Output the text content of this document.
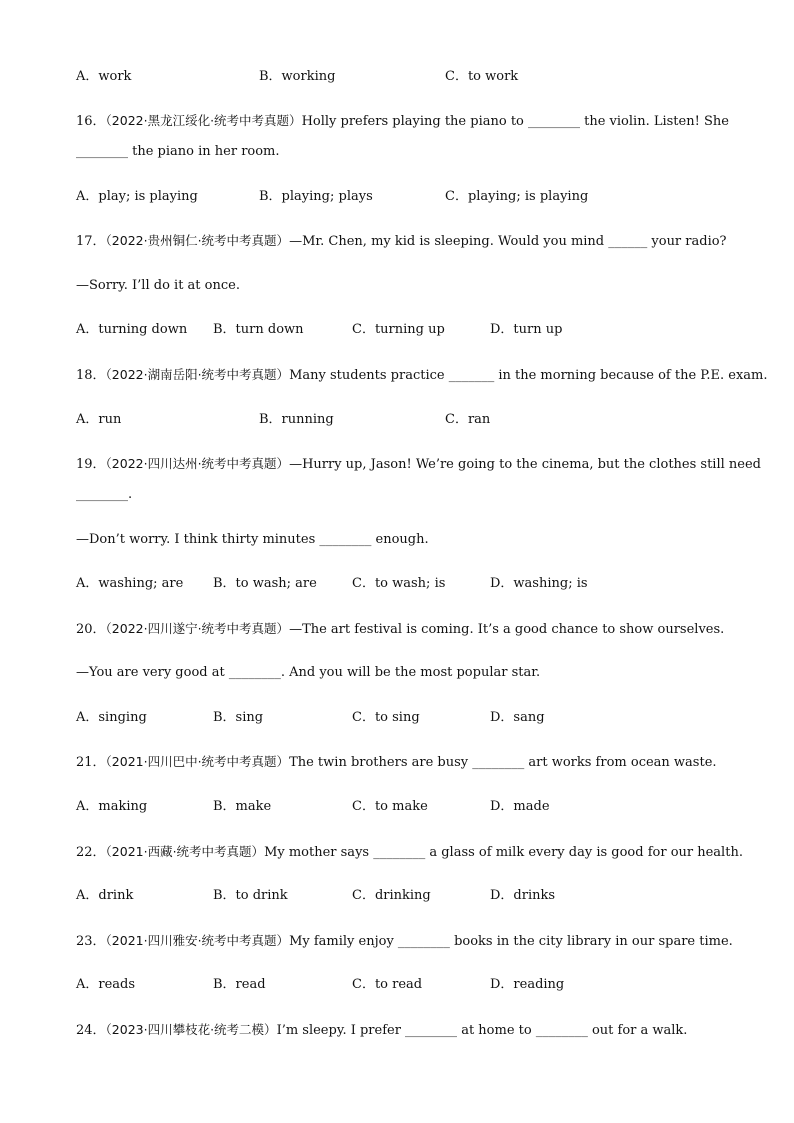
A．work	B．working	C．to work
16．（2022·黑龙江绥化·统考中考真题）Holly prefers playing the piano to ________ the violin. Listen! She
________ the piano in her room.
A．play; is playing	B．playing; plays	C．playing; is playing
17．（2022·贵州铜仁·统考中考真题）—Mr. Chen, my kid is sleeping. Would you mind ______ your radio?
—Sorry. I’ll do it at once.
A．turning down B．turn down	C．turning up	D．turn up
18．（2022·湖南岳阳·统考中考真题）Many students practice _______ in the morning because of the P.E. exam.
A．run	B．running	C．ran
19．（2022·四川达州·统考中考真题）—Hurry up, Jason! We’re going to the cinema, but the clothes still need
________.
—Don’t worry. I think thirty minutes ________ enough.
A．washing; are B．to wash; are	C．to wash; is	D．washing; is
20．（2022·四川遂宁·统考中考真题）—The art festival is coming. It’s a good chance to show ourselves.
—You are very good at ________. And you will be the most popular star.
A．singing	B．sing	C．to sing	D．sang
21．（2021·四川巴中·统考中考真题）The twin brothers are busy ________ art works from ocean waste.
A．making	B．make	C．to make	D．made
22．（2021·西藏·统考中考真题）My mother says ________ a glass of milk every day is good for our health.
A．drink	B．to drink	C．drinking	D．drinks
23．（2021·四川雅安·统考中考真题）My family enjoy ________ books in the city library in our spare time.
A．reads	B．read	C．to read	D．reading
24．（2023·四川攀枝花·统考二模）I’m sleepy. I prefer ________ at home to ________ out for a walk.
